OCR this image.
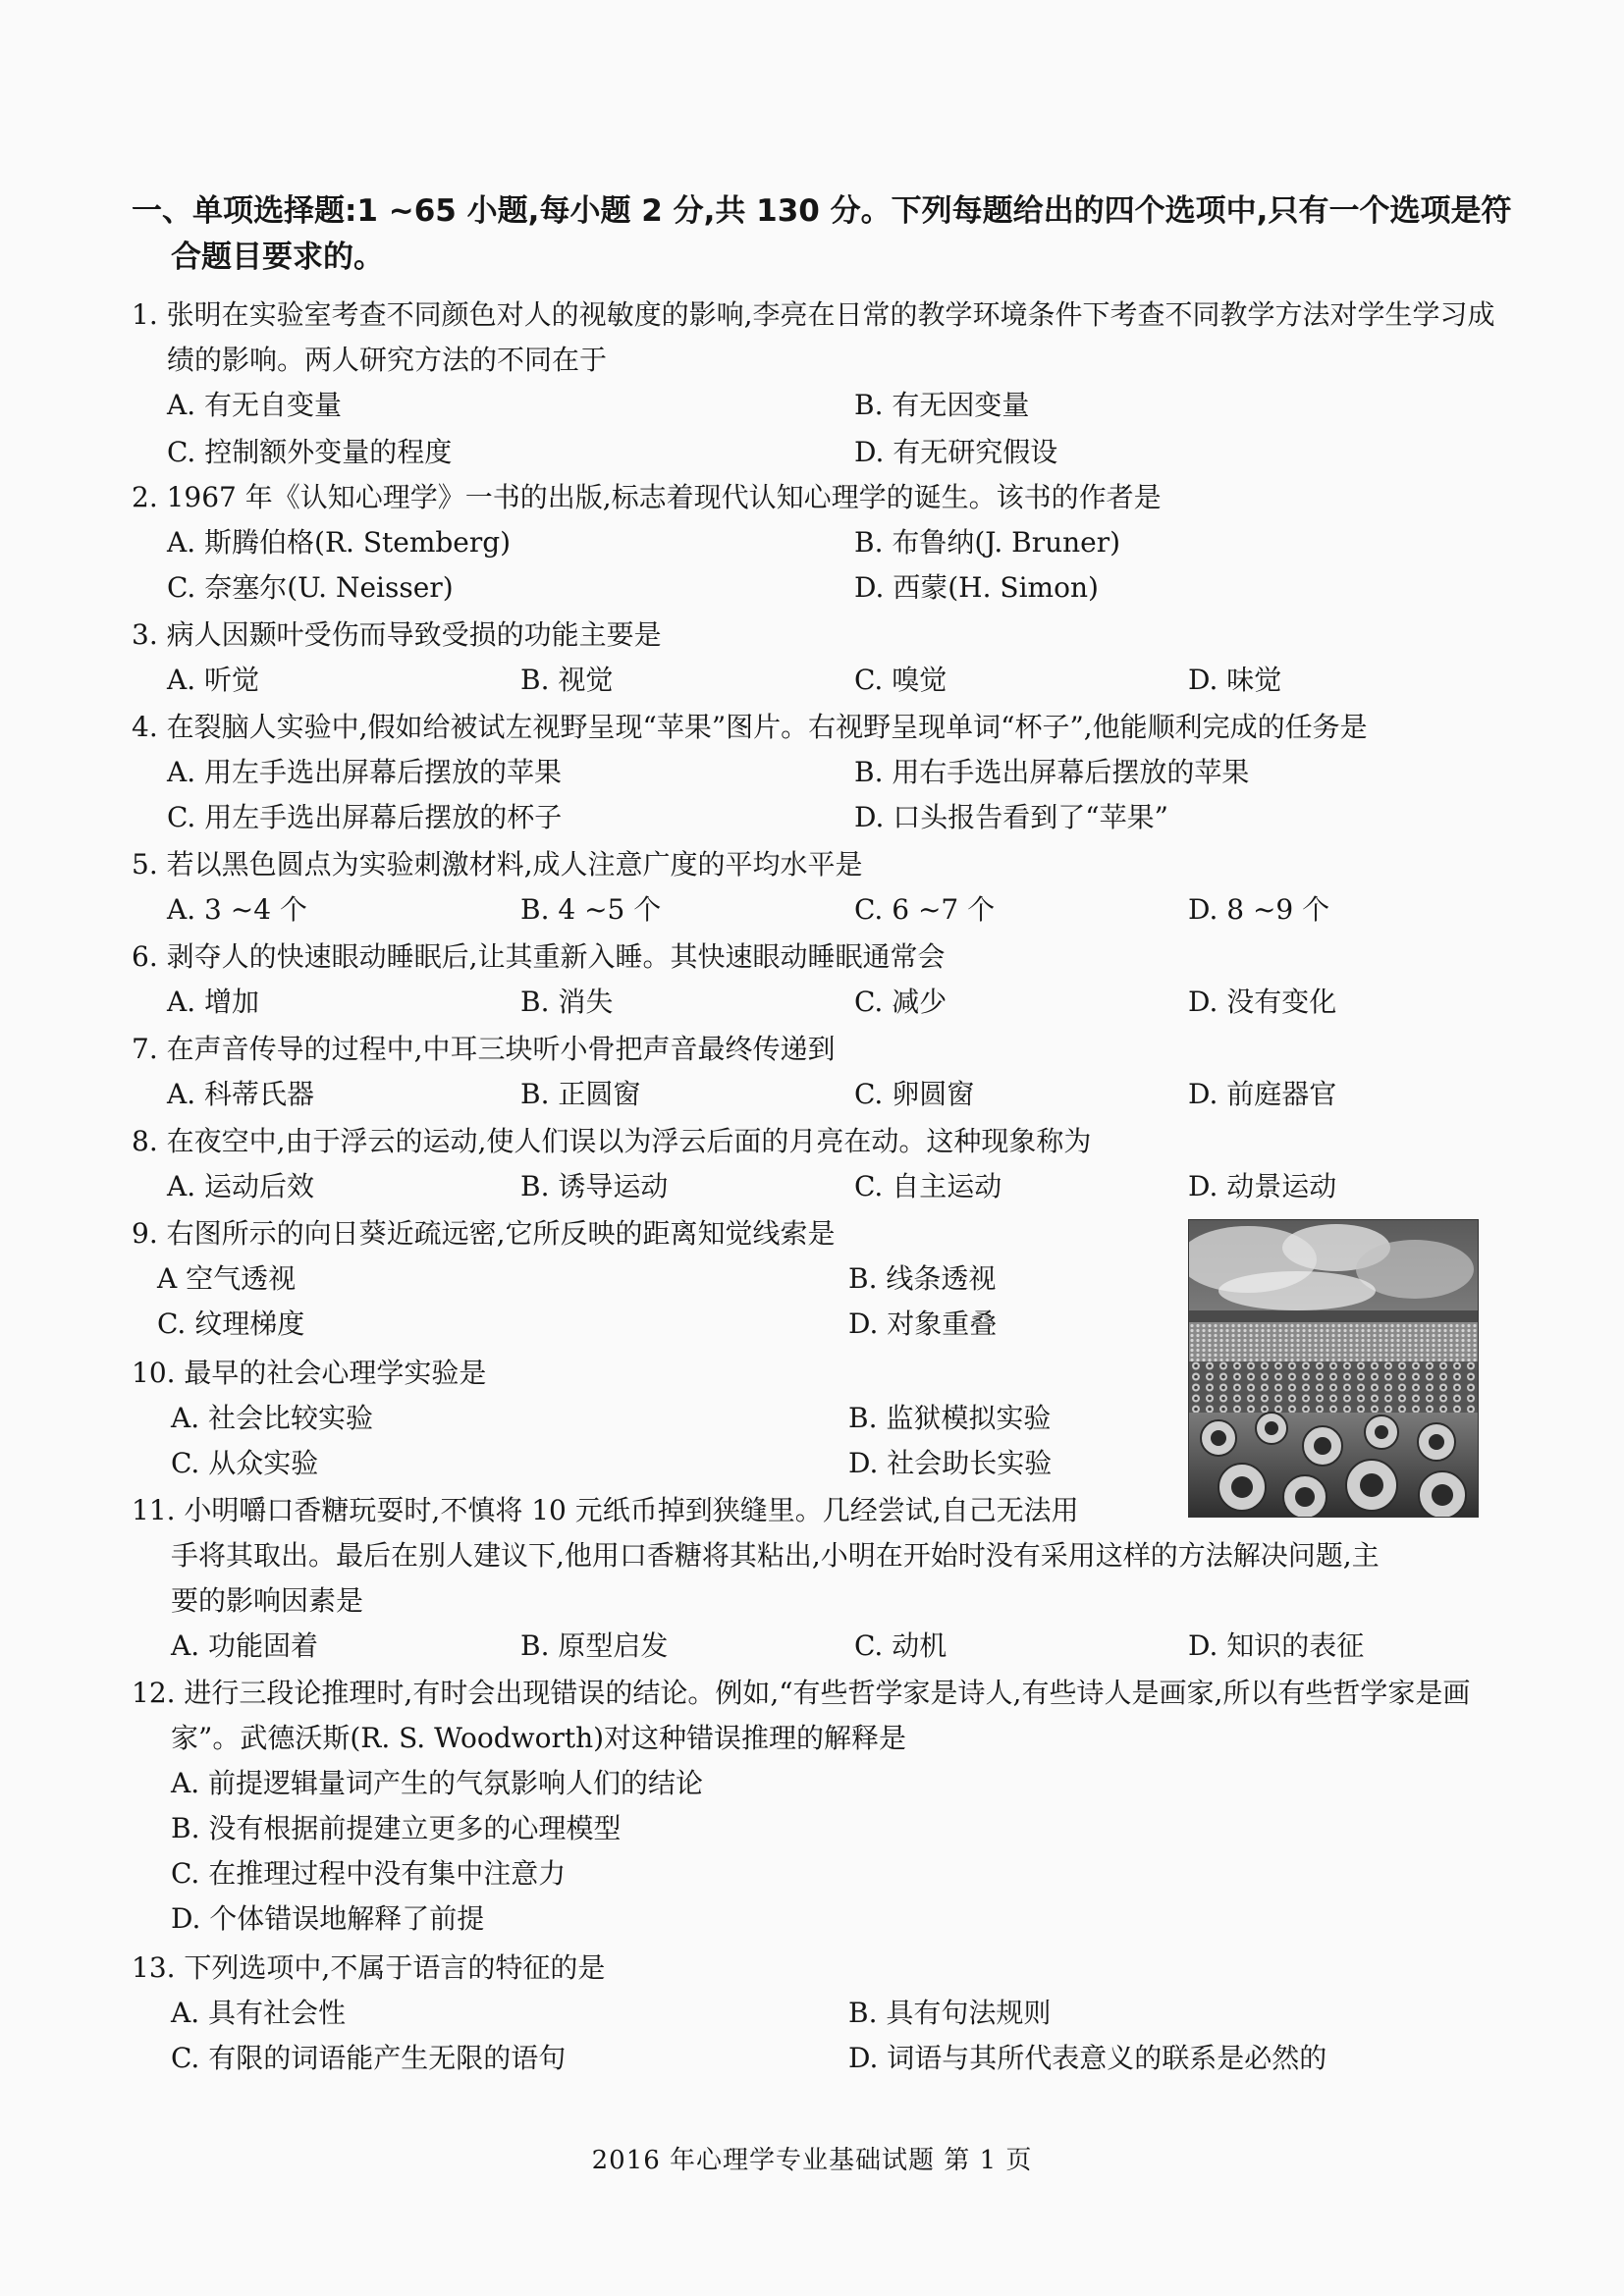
一、单项选择题:1 ~65 小题,每小题 2 分,共 130 分。下列每题给出的四个选项中,只有一个选项是符合题目要求的。
1. 张明在实验室考查不同颜色对人的视敏度的影响,李亮在日常的教学环境条件下考查不同教学方法对学生学习成绩的影响。两人研究方法的不同在于
A. 有无自变量	B. 有无因变量
C. 控制额外变量的程度	D. 有无研究假设
2. 1967 年《认知心理学》一书的出版,标志着现代认知心理学的诞生。该书的作者是
A. 斯腾伯格(R. Stemberg)	B. 布鲁纳(J. Bruner)
C. 奈塞尔(U. Neisser)	D. 西蒙(H. Simon)
3. 病人因颞叶受伤而导致受损的功能主要是
A. 听觉	B. 视觉	C. 嗅觉	D. 味觉
4. 在裂脑人实验中,假如给被试左视野呈现“苹果”图片。右视野呈现单词“杯子”,他能顺利完成的任务是
A. 用左手选出屏幕后摆放的苹果	B. 用右手选出屏幕后摆放的苹果
C. 用左手选出屏幕后摆放的杯子	D. 口头报告看到了“苹果”
5. 若以黑色圆点为实验刺激材料,成人注意广度的平均水平是
A. 3 ~4 个	B. 4 ~5 个	C. 6 ~7 个	D. 8 ~9 个
6. 剥夺人的快速眼动睡眠后,让其重新入睡。其快速眼动睡眠通常会
A. 增加	B. 消失	C. 减少	D. 没有变化
7. 在声音传导的过程中,中耳三块听小骨把声音最终传递到
A. 科蒂氏器	B. 正圆窗	C. 卵圆窗	D. 前庭器官
8. 在夜空中,由于浮云的运动,使人们误以为浮云后面的月亮在动。这种现象称为
A. 运动后效	B. 诱导运动	C. 自主运动	D. 动景运动
9. 右图所示的向日葵近疏远密,它所反映的距离知觉线索是
A 空气透视	B. 线条透视
C. 纹理梯度	D. 对象重叠
10. 最早的社会心理学实验是
A. 社会比较实验	B. 监狱模拟实验
C. 从众实验	D. 社会助长实验
11. 小明嚼口香糖玩耍时,不慎将 10 元纸币掉到狭缝里。几经尝试,自己无法用
手将其取出。最后在别人建议下,他用口香糖将其粘出,小明在开始时没有采用这样的方法解决问题,主
要的影响因素是
A. 功能固着	B. 原型启发	C. 动机	D. 知识的表征
12. 进行三段论推理时,有时会出现错误的结论。例如,“有些哲学家是诗人,有些诗人是画家,所以有些哲学家是画家”。武德沃斯(R. S. Woodworth)对这种错误推理的解释是
A. 前提逻辑量词产生的气氛影响人们的结论
B. 没有根据前提建立更多的心理模型
C. 在推理过程中没有集中注意力
D. 个体错误地解释了前提
13. 下列选项中,不属于语言的特征的是
A. 具有社会性	B. 具有句法规则
C. 有限的词语能产生无限的语句	D. 词语与其所代表意义的联系是必然的
2016 年心理学专业基础试题 第 1 页
